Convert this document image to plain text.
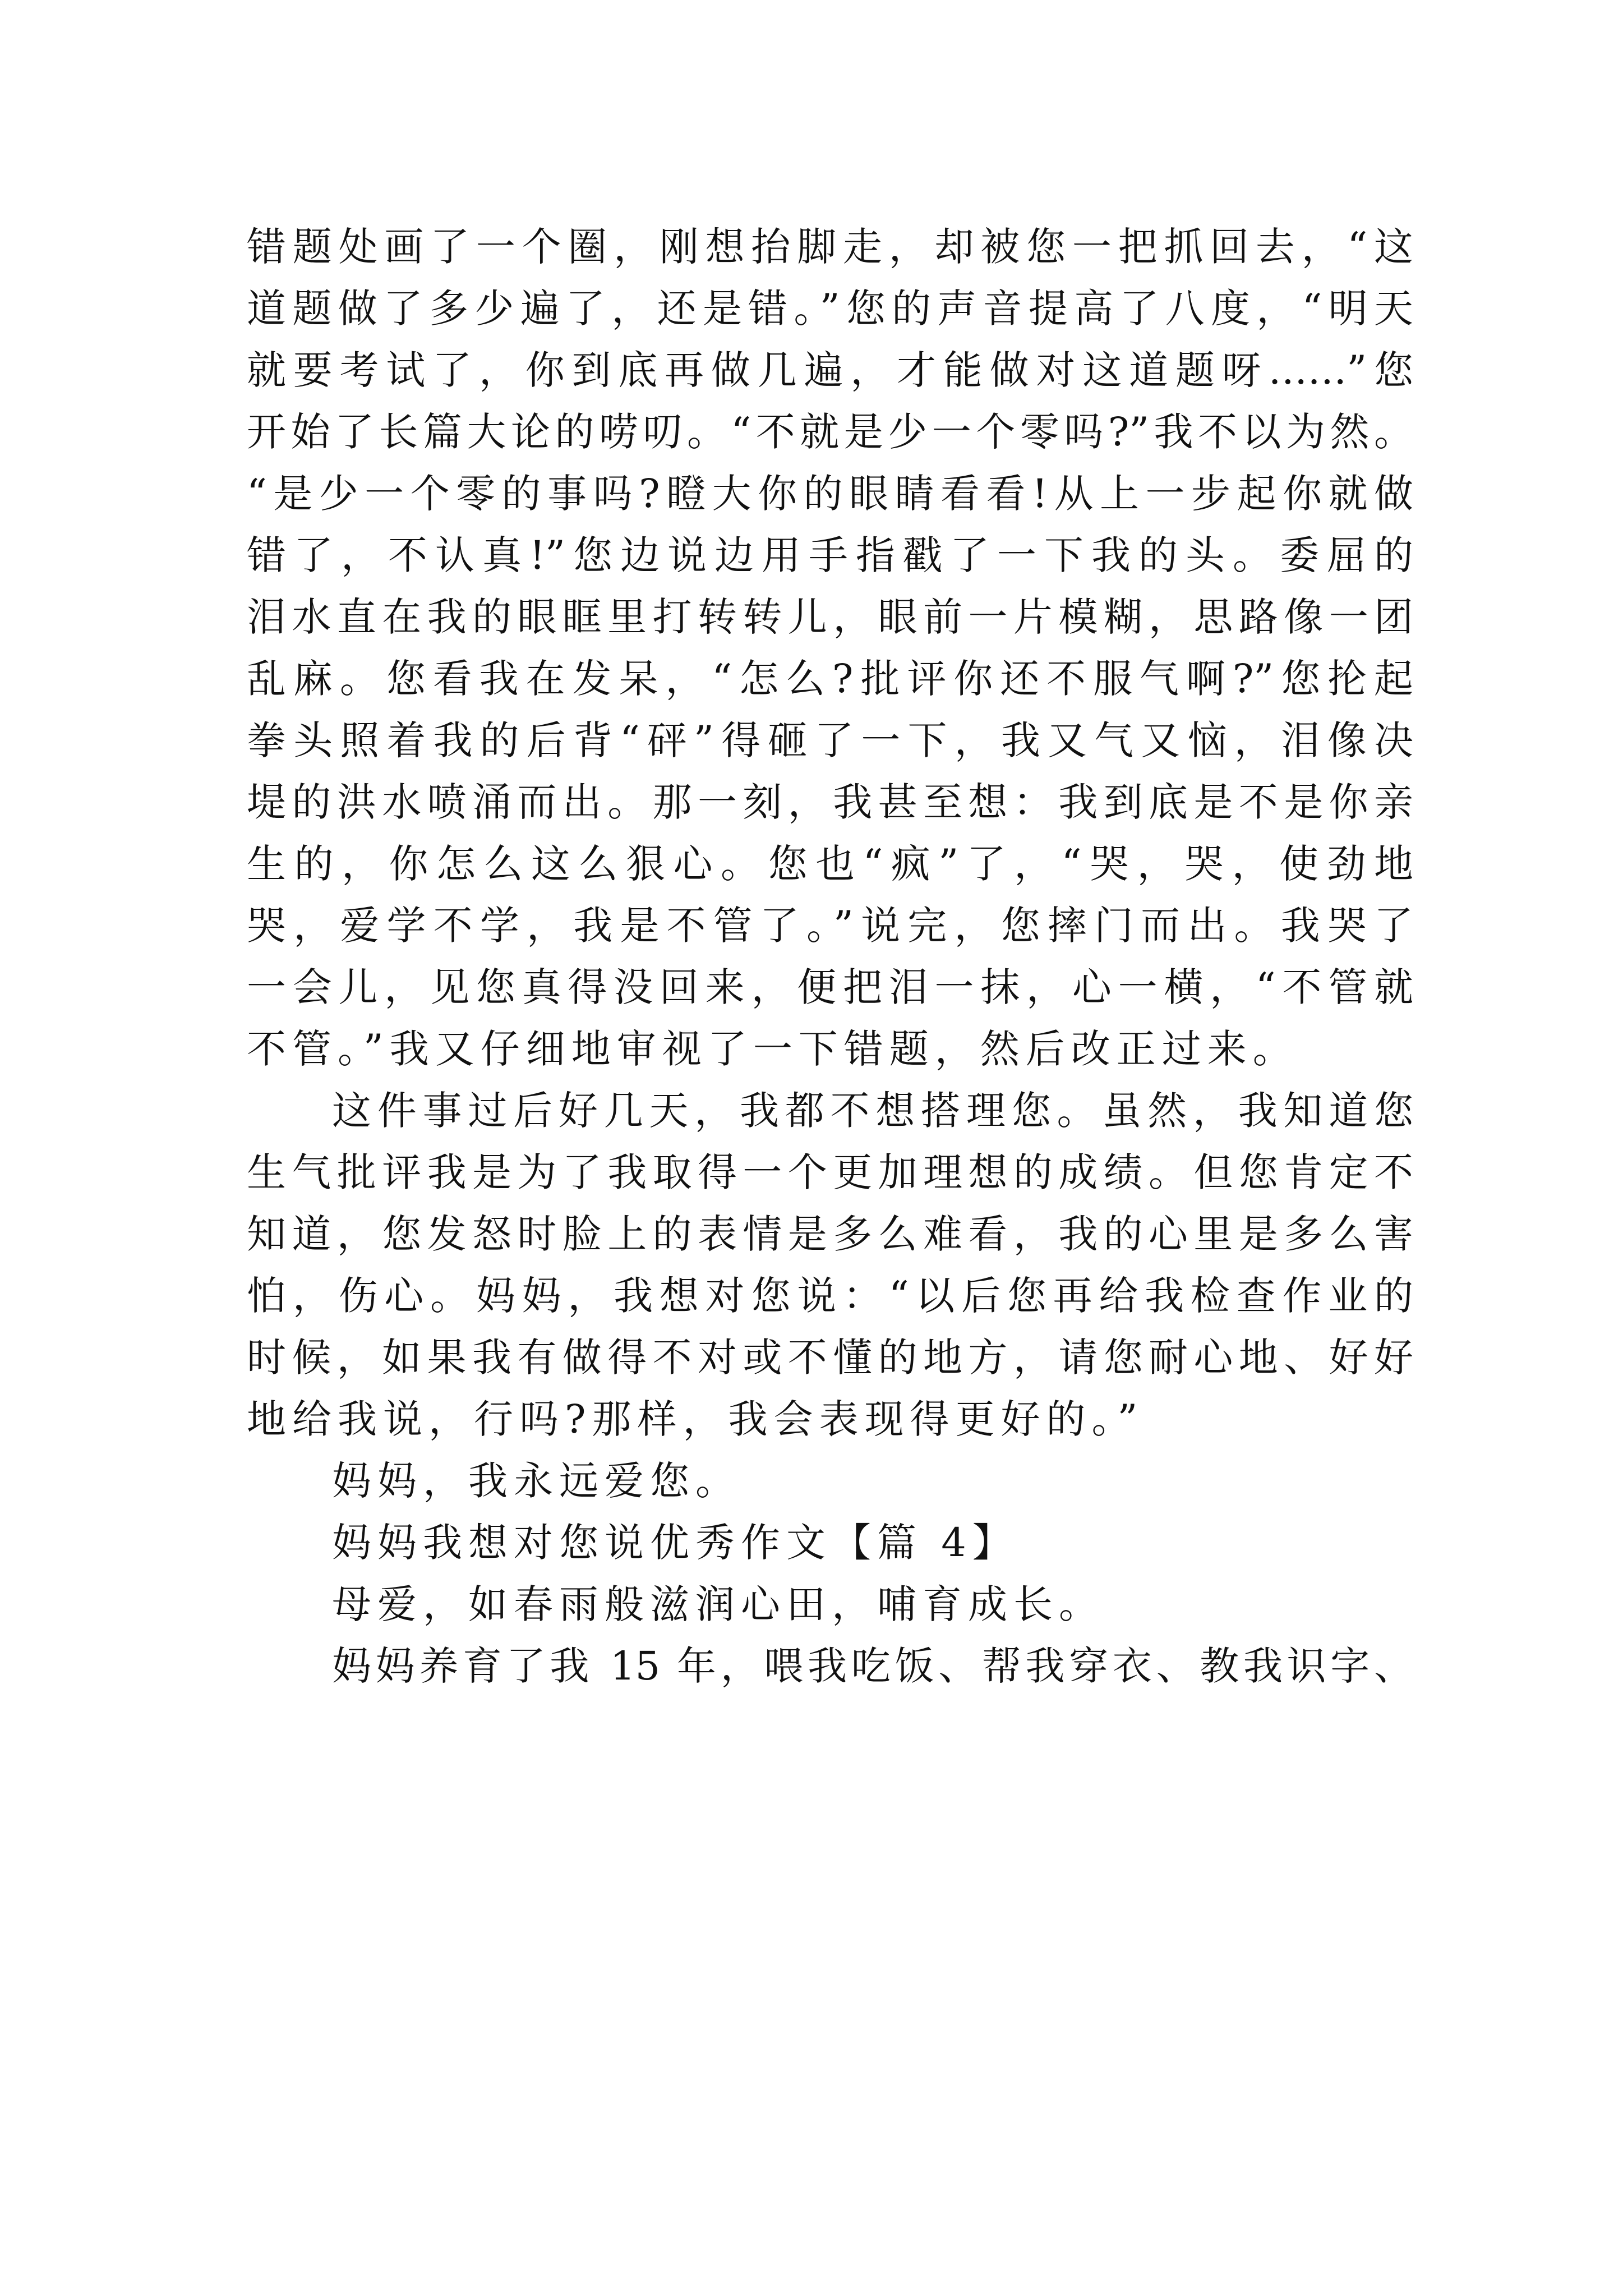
错题处画了一个圈，刚想抬脚走，却被您一把抓回去，“这
道题做了多少遍了，还是错。”您的声音提高了八度，“明天
就要考试了，你到底再做几遍，才能做对这道题呀……”您
开始了长篇大论的唠叨。“不就是少一个零吗?”我不以为然。
“是少一个零的事吗?瞪大你的眼睛看看!从上一步起你就做
错了，不认真!”您边说边用手指戳了一下我的头。委屈的
泪水直在我的眼眶里打转转儿，眼前一片模糊，思路像一团
乱麻。您看我在发呆，“怎么?批评你还不服气啊?”您抡起
拳头照着我的后背“砰”得砸了一下，我又气又恼，泪像决
堤的洪水喷涌而出。那一刻，我甚至想：我到底是不是你亲
生的，你怎么这么狠心。您也“疯”了，“哭，哭，使劲地
哭，爱学不学，我是不管了。”说完，您摔门而出。我哭了
一会儿，见您真得没回来，便把泪一抹，心一横，“不管就
不管。”我又仔细地审视了一下错题，然后改正过来。
这件事过后好几天，我都不想搭理您。虽然，我知道您
生气批评我是为了我取得一个更加理想的成绩。但您肯定不
知道，您发怒时脸上的表情是多么难看，我的心里是多么害
怕，伤心。妈妈，我想对您说：“以后您再给我检查作业的
时候，如果我有做得不对或不懂的地方，请您耐心地、好好
地给我说，行吗?那样，我会表现得更好的。”
妈妈，我永远爱您。
妈妈我想对您说优秀作文【篇 4】
母爱，如春雨般滋润心田，哺育成长。
妈妈养育了我 15 年，喂我吃饭、帮我穿衣、教我识字、
